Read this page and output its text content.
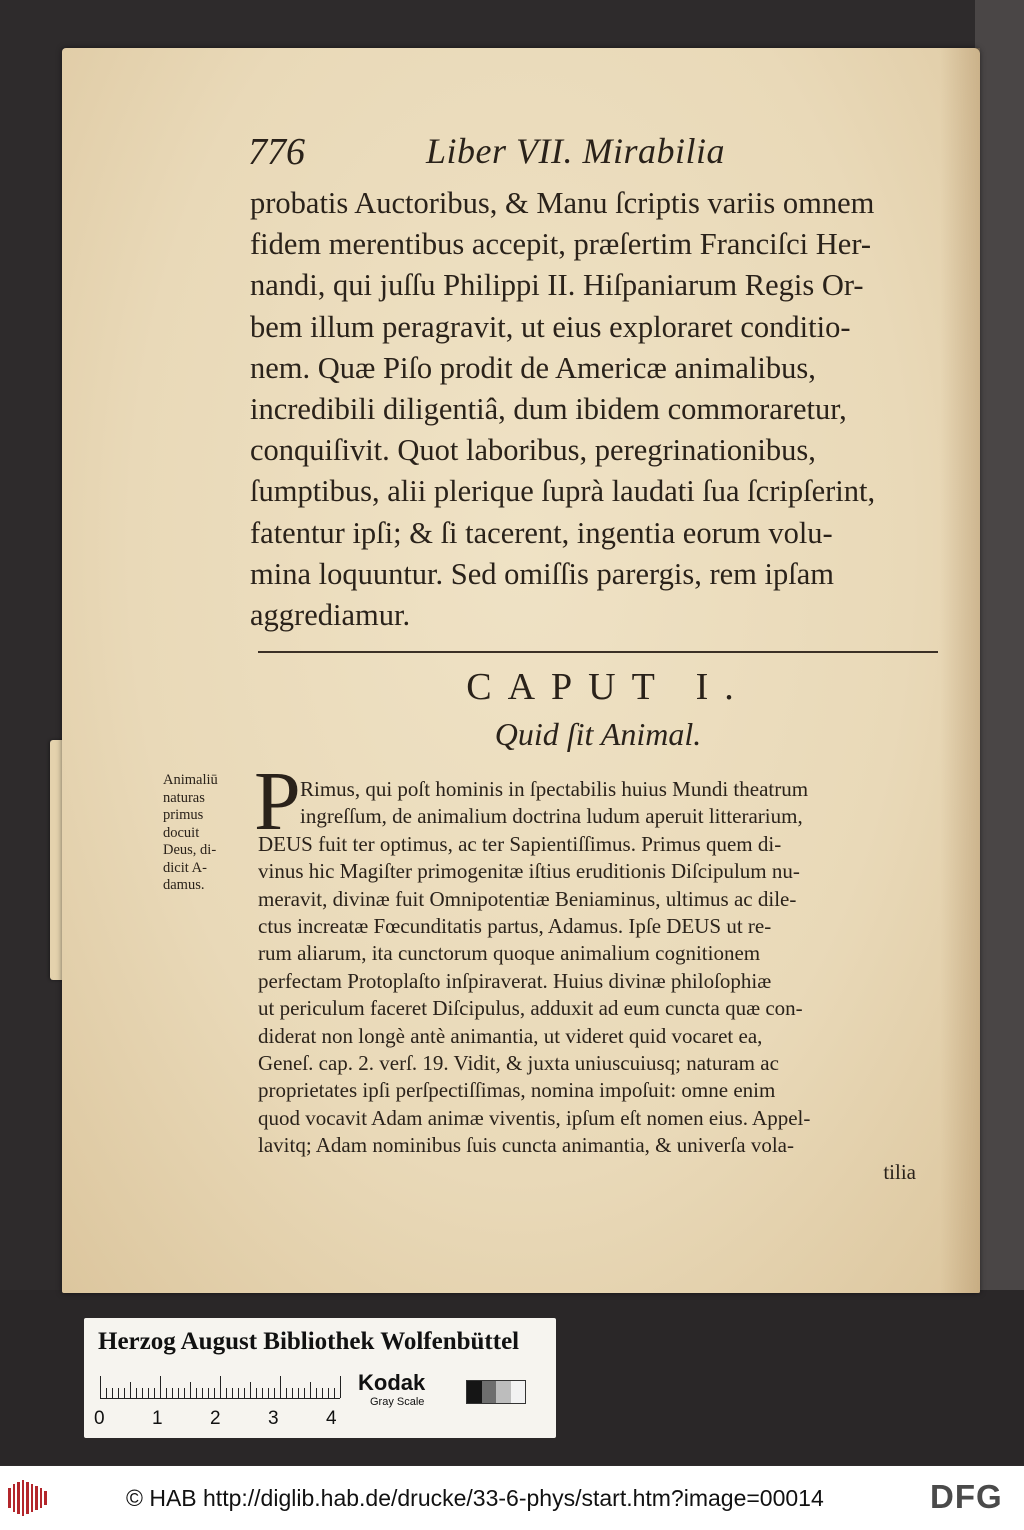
776	Liber VII. Mirabilia
probatis Auctoribus, & Manu ſcriptis variis omnem
fidem merentibus accepit, præſertim Franciſci Her-
nandi, qui juſſu Philippi II. Hiſpaniarum Regis Or-
bem illum peragravit, ut eius exploraret conditio-
nem. Quæ Piſo prodit de Americæ animalibus,
incredibili diligentiâ, dum ibidem commoraretur,
conquiſivit. Quot laboribus, peregrinationibus,
ſumptibus, alii plerique ſuprà laudati ſua ſcripſerint,
fatentur ipſi; & ſi tacerent, ingentia eorum volu-
mina loquuntur. Sed omiſſis parergis, rem ipſam
aggrediamur.
CAPUT I.
Quid ſit Animal.
Animaliū
naturas
primus
docuit
Deus, di-
dicit A-
damus.
P Rimus, qui poſt hominis in ſpectabilis huius Mundi theatrum
ingreſſum, de animalium doctrina ludum aperuit litterarium,
DEUS fuit ter optimus, ac ter Sapientiſſimus. Primus quem di-
vinus hic Magiſter primogenitæ iſtius eruditionis Diſcipulum nu-
meravit, divinæ fuit Omnipotentiæ Beniaminus, ultimus ac dile-
ctus increatæ Fœcunditatis partus, Adamus. Ipſe DEUS ut re-
rum aliarum, ita cunctorum quoque animalium cognitionem
perfectam Protoplaſto inſpiraverat. Huius divinæ philoſophiæ
ut periculum faceret Diſcipulus, adduxit ad eum cuncta quæ con-
diderat non longè antè animantia, ut videret quid vocaret ea,
Geneſ. cap. 2. verſ. 19. Vidit, & juxta uniuscuiusq; naturam ac
proprietates ipſi perſpectiſſimas, nomina impoſuit: omne enim
quod vocavit Adam animæ viventis, ipſum eſt nomen eius. Appel-
lavitq; Adam nominibus ſuis cuncta animantia, & univerſa vola-
tilia
Herzog August Bibliothek Wolfenbüttel
0 1 2 3 4
Kodak
Gray Scale
© HAB http://diglib.hab.de/drucke/33-6-phys/start.htm?image=00014	DFG
